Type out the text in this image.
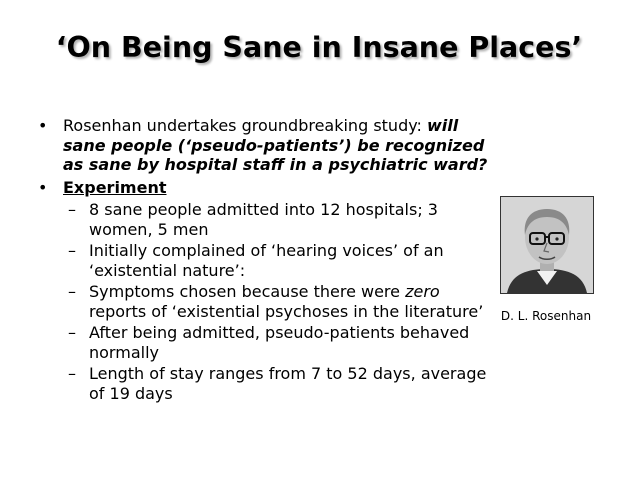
‘On Being Sane in Insane Places’
• Rosenhan undertakes groundbreaking study: will sane people (‘pseudo-patients’) be recognized as sane by hospital staff in a psychiatric ward?
• Experiment
– 8 sane people admitted into 12 hospitals; 3 women, 5 men
– Initially complained of ‘hearing voices’ of an ‘existential nature’:
– Symptoms chosen because there were zero reports of ‘existential psychoses in the literature’
– After being admitted, pseudo-patients behaved normally
– Length of stay ranges from 7 to 52 days, average of 19 days
D. L. Rosenhan
